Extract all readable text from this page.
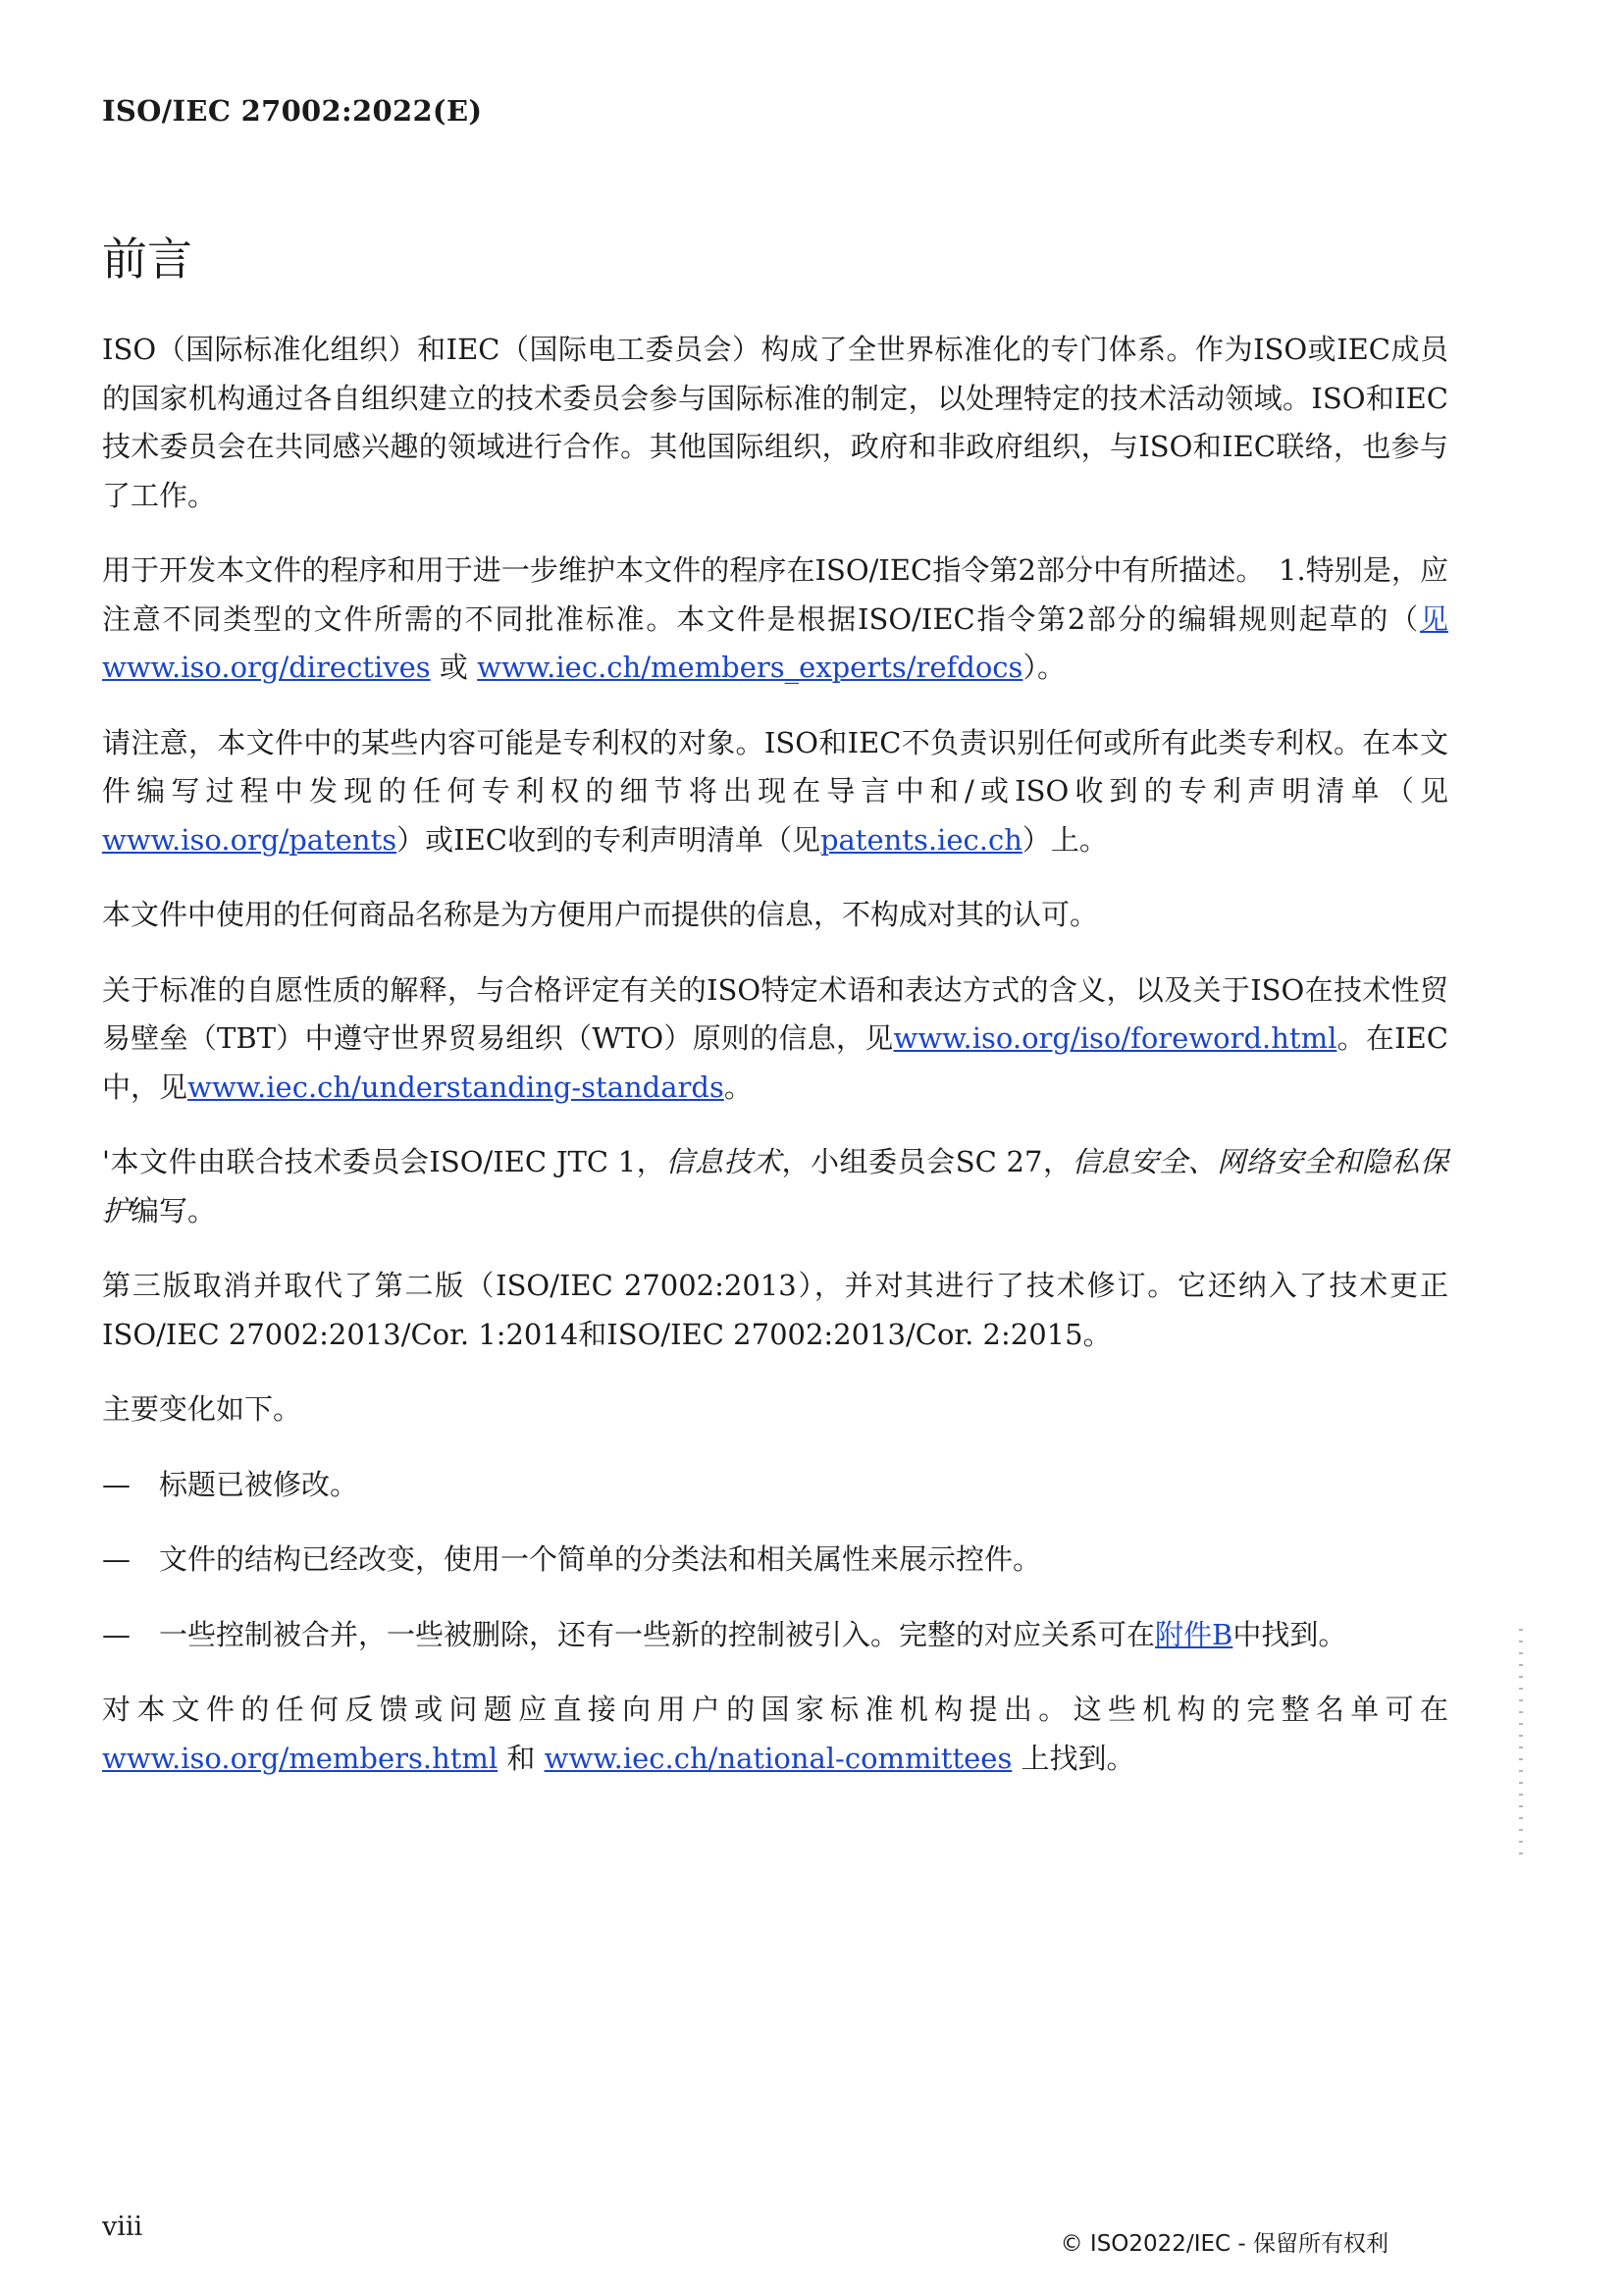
ISO/IEC 27002:2022(E)
前言

ISO（国际标准化组织）和IEC（国际电工委员会）构成了全世界标准化的专门体系。作为ISO或IEC成员的国家机构通过各自组织建立的技术委员会参与国际标准的制定，以处理特定的技术活动领域。ISO和IEC技术委员会在共同感兴趣的领域进行合作。其他国际组织，政府和非政府组织，与ISO和IEC联络，也参与了工作。

用于开发本文件的程序和用于进一步维护本文件的程序在ISO/IEC指令第2部分中有所描述。　1.特别是，应注意不同类型的文件所需的不同批准标准。本文件是根据ISO/IEC指令第2部分的编辑规则起草的（见www.iso.org/directives 或 www.iec.ch/members_experts/refdocs）。

请注意，本文件中的某些内容可能是专利权的对象。ISO和IEC不负责识别任何或所有此类专利权。在本文件编写过程中发现的任何专利权的细节将出现在导言中和/或ISO收到的专利声明清单（见www.iso.org/patents）或IEC收到的专利声明清单（见patents.iec.ch）上。

本文件中使用的任何商品名称是为方便用户而提供的信息，不构成对其的认可。

关于标准的自愿性质的解释，与合格评定有关的ISO特定术语和表达方式的含义，以及关于ISO在技术性贸易壁垒（TBT）中遵守世界贸易组织（WTO）原则的信息，见www.iso.org/iso/foreword.html。在IEC中，见www.iec.ch/understanding-standards。

'本文件由联合技术委员会ISO/IEC JTC 1，信息技术，小组委员会SC 27，信息安全、网络安全和隐私保护编写。

第三版取消并取代了第二版（ISO/IEC 27002:2013），并对其进行了技术修订。它还纳入了技术更正ISO/IEC 27002:2013/Cor. 1:2014和ISO/IEC 27002:2013/Cor. 2:2015。

主要变化如下。

—	标题已被修改。
—	文件的结构已经改变，使用一个简单的分类法和相关属性来展示控件。
—	一些控制被合并，一些被删除，还有一些新的控制被引入。完整的对应关系可在附件B中找到。

对本文件的任何反馈或问题应直接向用户的国家标准机构提出。这些机构的完整名单可在www.iso.org/members.html 和 www.iec.ch/national-committees 上找到。

viii
© ISO2022/IEC - 保留所有权利
